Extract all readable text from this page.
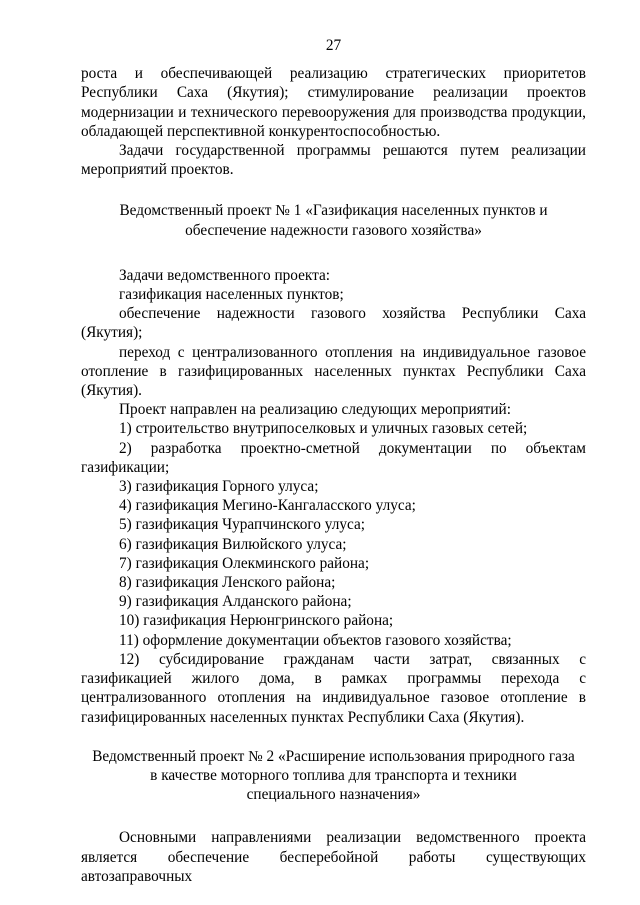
27

роста и обеспечивающей реализацию стратегических приоритетов Республики Саха (Якутия); стимулирование реализации проектов модернизации и технического перевооружения для производства продукции, обладающей перспективной конкурентоспособностью.

Задачи государственной программы решаются путем реализации мероприятий проектов.

Ведомственный проект № 1 «Газификация населенных пунктов и
обеспечение надежности газового хозяйства»

Задачи ведомственного проекта:

газификация населенных пунктов;

обеспечение надежности газового хозяйства Республики Саха (Якутия);

переход с централизованного отопления на индивидуальное газовое отопление в газифицированных населенных пунктах Республики Саха (Якутия).

Проект направлен на реализацию следующих мероприятий:

1) строительство внутрипоселковых и уличных газовых сетей;

2) разработка проектно-сметной документации по объектам газификации;

3) газификация Горного улуса;

4) газификация Мегино-Кангаласского улуса;

5) газификация Чурапчинского улуса;

6) газификация Вилюйского улуса;

7) газификация Олекминского района;

8) газификация Ленского района;

9) газификация Алданского района;

10) газификация Нерюнгринского района;

11) оформление документации объектов газового хозяйства;

12) субсидирование гражданам части затрат, связанных с газификацией жилого дома, в рамках программы перехода с централизованного отопления на индивидуальное газовое отопление в газифицированных населенных пунктах Республики Саха (Якутия).

Ведомственный проект № 2 «Расширение использования природного газа
в качестве моторного топлива для транспорта и техники
специального назначения»

Основными направлениями реализации ведомственного проекта является обеспечение бесперебойной работы существующих автозаправочных
